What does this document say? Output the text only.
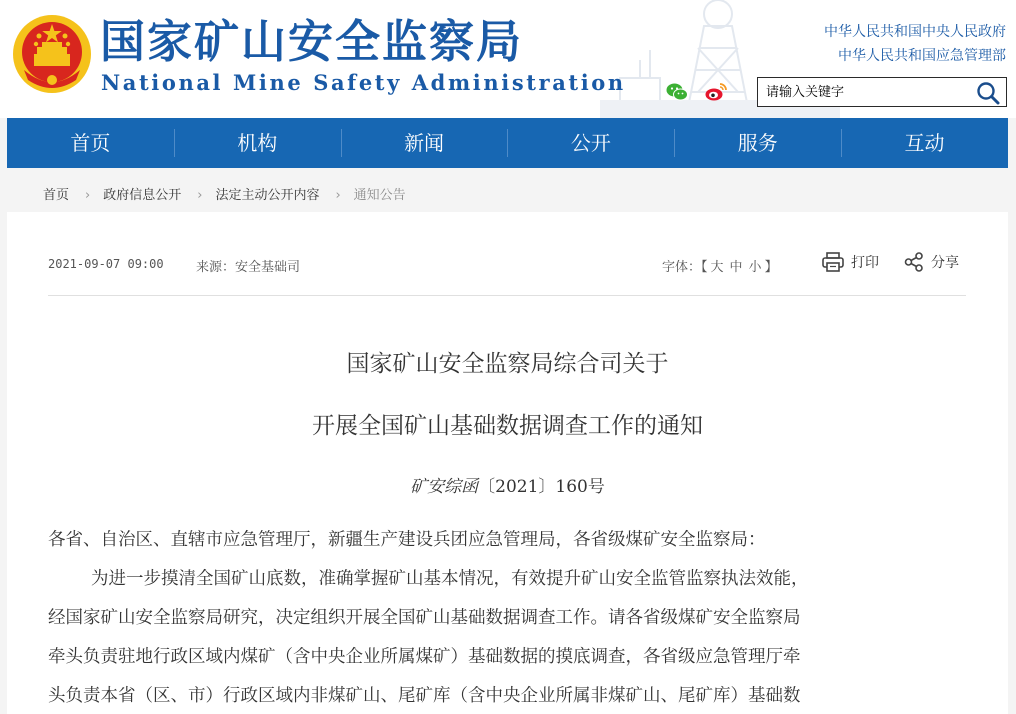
国家矿山安全监察局
National Mine Safety Administration
中华人民共和国中央人民政府
中华人民共和国应急管理部
请输入关键字
首页	机构	新闻	公开	服务	互动
首页 › 政府信息公开 › 法定主动公开内容 › 通知公告
2021-09-07 09:00 来源：安全基础司	字体：【 大 中 小 】	打印	分享
国家矿山安全监察局综合司关于
开展全国矿山基础数据调查工作的通知
矿安综函〔2021〕160号
各省、自治区、直辖市应急管理厅，新疆生产建设兵团应急管理局，各省级煤矿安全监察局：
为进一步摸清全国矿山底数，准确掌握矿山基本情况，有效提升矿山安全监管监察执法效能，
经国家矿山安全监察局研究，决定组织开展全国矿山基础数据调查工作。请各省级煤矿安全监察局
牵头负责驻地行政区域内煤矿（含中央企业所属煤矿）基础数据的摸底调查，各省级应急管理厅牵
头负责本省（区、市）行政区域内非煤矿山、尾矿库（含中央企业所属非煤矿山、尾矿库）基础数
